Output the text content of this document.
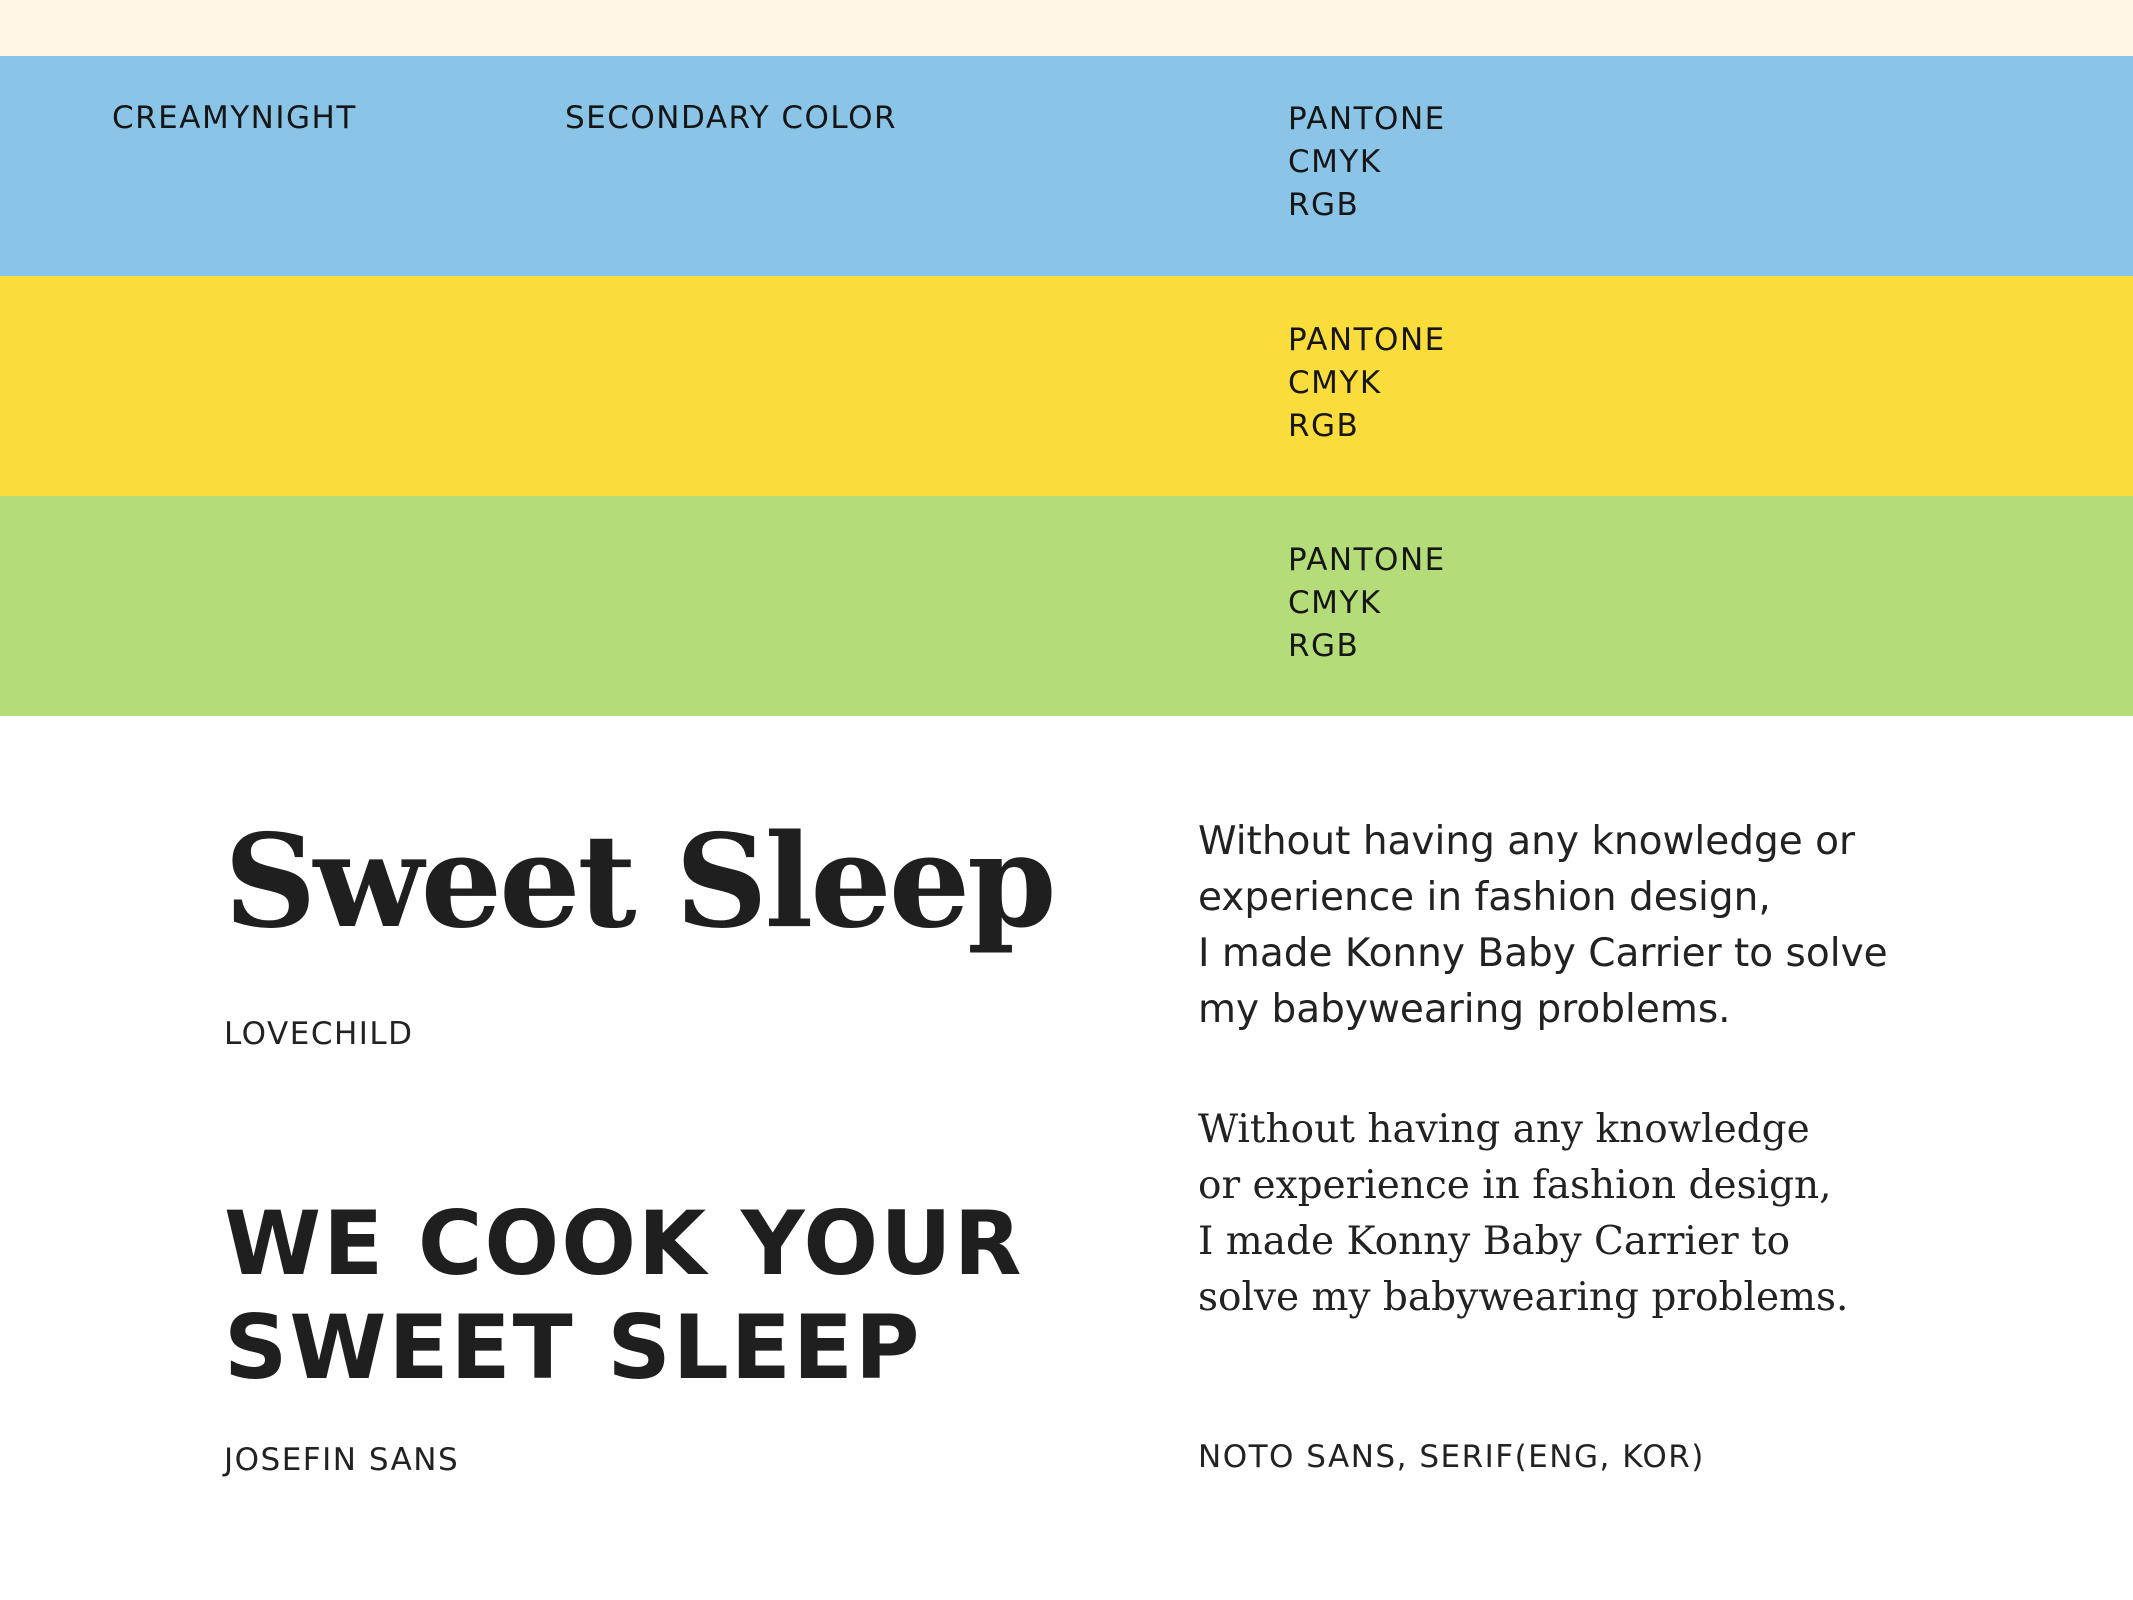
CREAMYNIGHT	SECONDARY COLOR	PANTONE
CMYK
RGB
PANTONE
CMYK
RGB
PANTONE
CMYK
RGB
Sweet Sleep
LOVECHILD
WE COOK YOUR
SWEET SLEEP
JOSEFIN SANS
Without having any knowledge or
experience in fashion design,
I made Konny Baby Carrier to solve
my babywearing problems.
Without having any knowledge
or experience in fashion design,
I made Konny Baby Carrier to
solve my babywearing problems.
NOTO SANS, SERIF(ENG, KOR)
